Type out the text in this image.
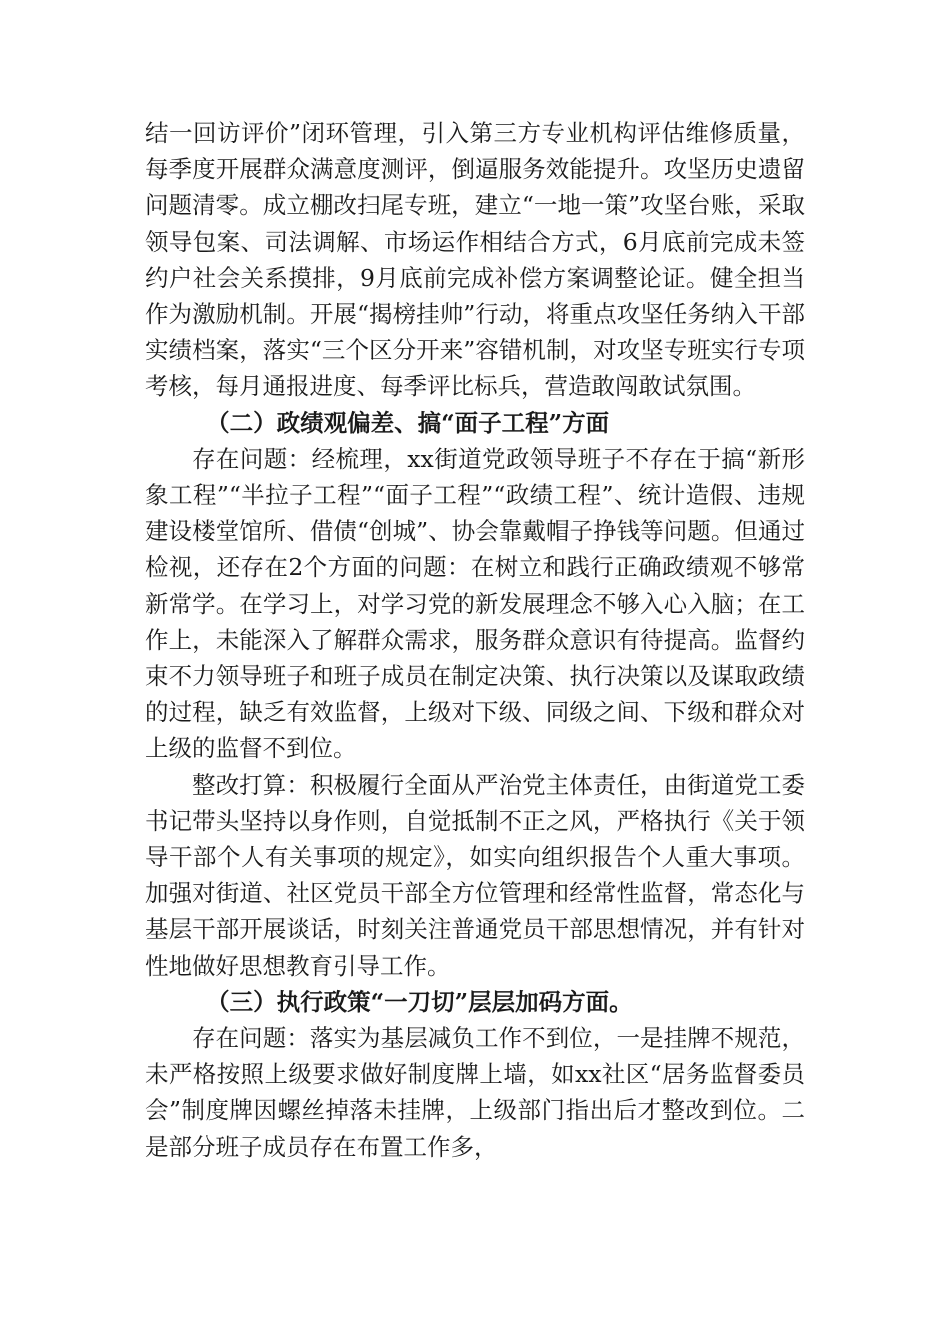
结一回访评价”闭环管理，引入第三方专业机构评估维修质量，每季度开展群众满意度测评，倒逼服务效能提升。攻坚历史遗留问题清零。成立棚改扫尾专班，建立“一地一策”攻坚台账，采取领导包案、司法调解、市场运作相结合方式，6月底前完成未签约户社会关系摸排，9月底前完成补偿方案调整论证。健全担当作为激励机制。开展“揭榜挂帅”行动，将重点攻坚任务纳入干部实绩档案，落实“三个区分开来”容错机制，对攻坚专班实行专项考核，每月通报进度、每季评比标兵，营造敢闯敢试氛围。

（二）政绩观偏差、搞“面子工程”方面

存在问题：经梳理，xx街道党政领导班子不存在于搞“新形象工程”“半拉子工程”“面子工程”“政绩工程”、统计造假、违规建设楼堂馆所、借债“创城”、协会靠戴帽子挣钱等问题。但通过检视，还存在2个方面的问题：在树立和践行正确政绩观不够常新常学。在学习上，对学习党的新发展理念不够入心入脑；在工作上，未能深入了解群众需求，服务群众意识有待提高。监督约束不力领导班子和班子成员在制定决策、执行决策以及谋取政绩的过程，缺乏有效监督，上级对下级、同级之间、下级和群众对上级的监督不到位。

整改打算：积极履行全面从严治党主体责任，由街道党工委书记带头坚持以身作则，自觉抵制不正之风，严格执行《关于领导干部个人有关事项的规定》，如实向组织报告个人重大事项。加强对街道、社区党员干部全方位管理和经常性监督，常态化与基层干部开展谈话，时刻关注普通党员干部思想情况，并有针对性地做好思想教育引导工作。

（三）执行政策“一刀切”层层加码方面。

存在问题：落实为基层减负工作不到位，一是挂牌不规范，未严格按照上级要求做好制度牌上墙，如xx社区“居务监督委员会”制度牌因螺丝掉落未挂牌，上级部门指出后才整改到位。二是部分班子成员存在布置工作多，
